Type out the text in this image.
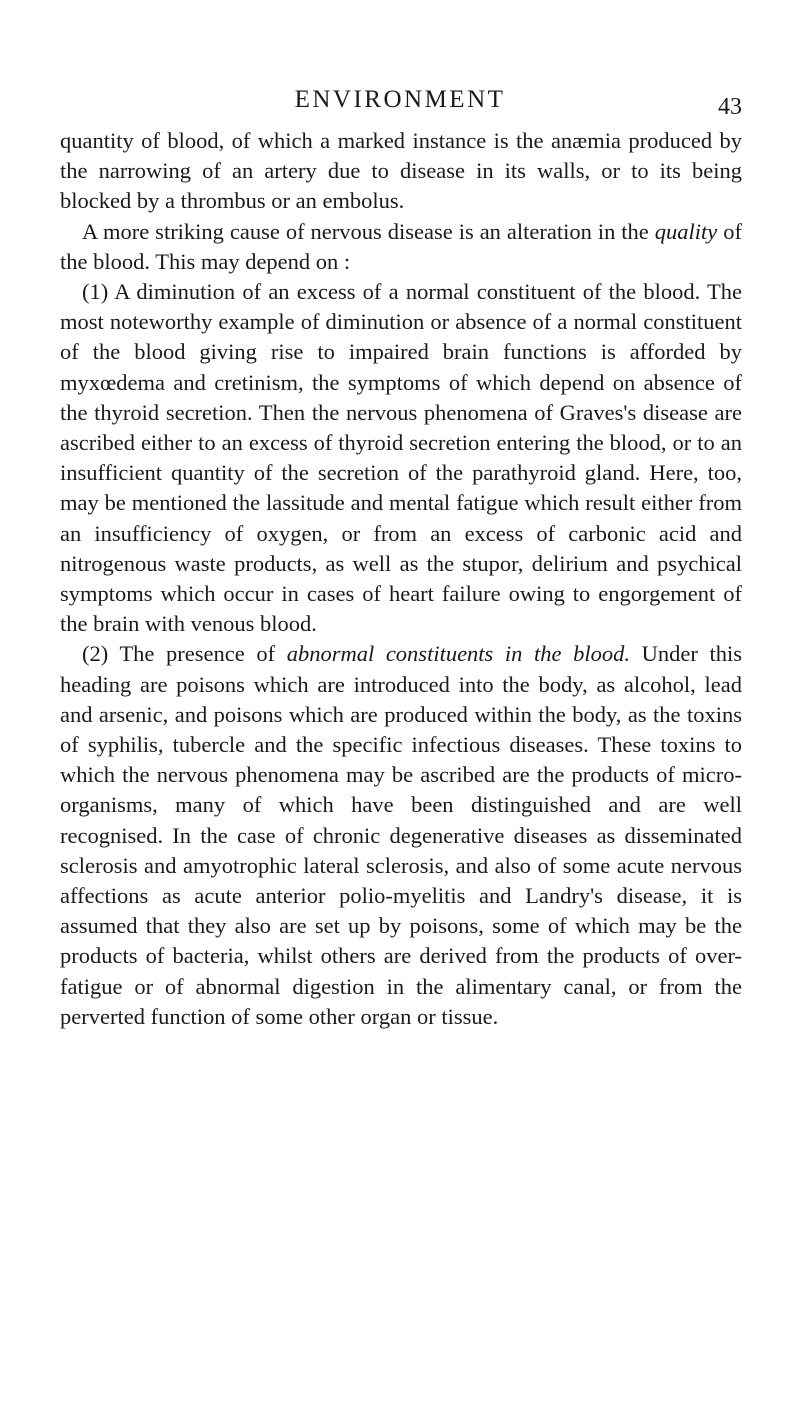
ENVIRONMENT	43

quantity of blood, of which a marked instance is the anæmia produced by the narrowing of an artery due to disease in its walls, or to its being blocked by a thrombus or an embolus.

A more striking cause of nervous disease is an alteration in the quality of the blood. This may depend on :

(1) A diminution of an excess of a normal constituent of the blood. The most noteworthy example of diminution or absence of a normal constituent of the blood giving rise to impaired brain functions is afforded by myxœdema and cretinism, the symptoms of which depend on absence of the thyroid secretion. Then the nervous phenomena of Graves's disease are ascribed either to an excess of thyroid secretion entering the blood, or to an insufficient quantity of the secretion of the parathyroid gland. Here, too, may be mentioned the lassitude and mental fatigue which result either from an insufficiency of oxygen, or from an excess of carbonic acid and nitrogenous waste products, as well as the stupor, delirium and psychical symptoms which occur in cases of heart failure owing to engorgement of the brain with venous blood.

(2) The presence of abnormal constituents in the blood. Under this heading are poisons which are introduced into the body, as alcohol, lead and arsenic, and poisons which are produced within the body, as the toxins of syphilis, tubercle and the specific infectious diseases. These toxins to which the nervous phenomena may be ascribed are the products of micro-organisms, many of which have been distinguished and are well recognised. In the case of chronic degenerative diseases as disseminated sclerosis and amyotrophic lateral sclerosis, and also of some acute nervous affections as acute anterior polio-myelitis and Landry's disease, it is assumed that they also are set up by poisons, some of which may be the products of bacteria, whilst others are derived from the products of over-fatigue or of abnormal digestion in the alimentary canal, or from the perverted function of some other organ or tissue.
